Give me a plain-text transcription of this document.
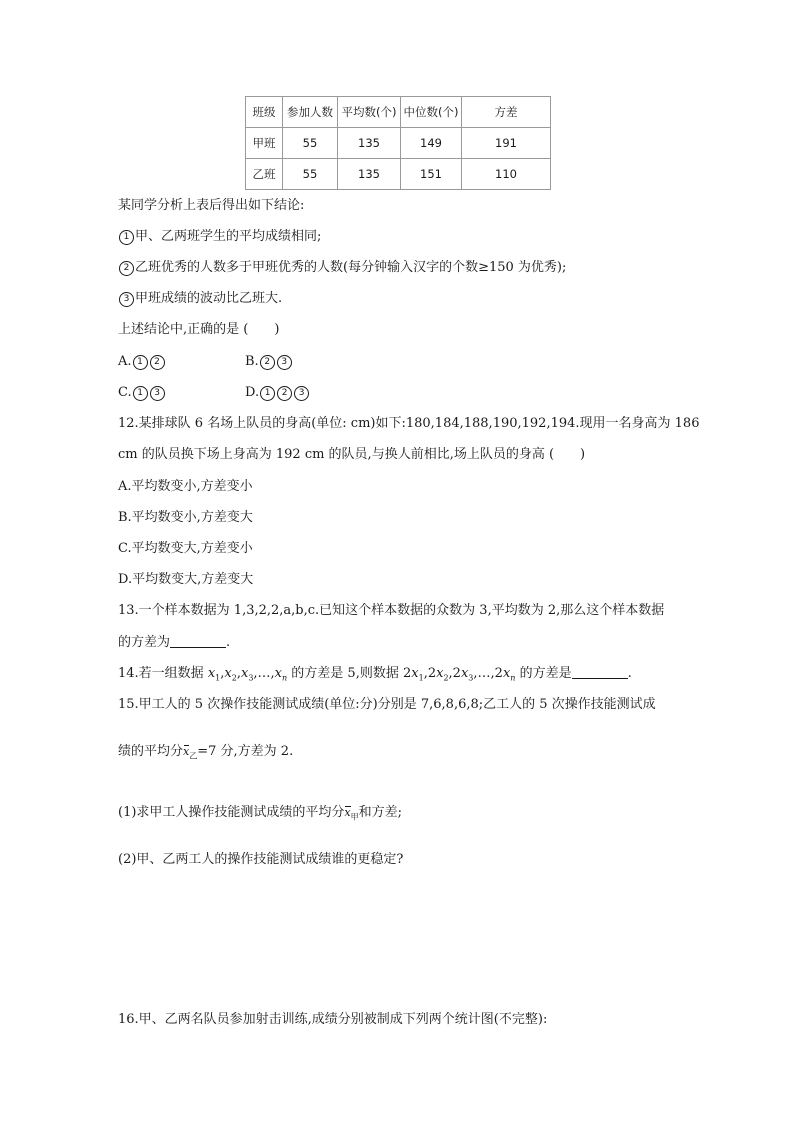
班级	参加人数	平均数(个)	中位数(个)	方差
甲班	55	135	149	191
乙班	55	135	151	110
某同学分析上表后得出如下结论:
1 甲、乙两班学生的平均成绩相同;
2 乙班优秀的人数多于甲班优秀的人数(每分钟输入汉字的个数≥150 为优秀);
3 甲班成绩的波动比乙班大.
上述结论中,正确的是 (　　)
A. 1 2	B. 2 3
C. 1 3	D. 1 2 3
12.某排球队 6 名场上队员的身高(单位: cm)如下:180,184,188,190,192,194.现用一名身高为 186
cm 的队员换下场上身高为 192 cm 的队员,与换人前相比,场上队员的身高 (　　)
A.平均数变小,方差变小
B.平均数变小,方差变大
C.平均数变大,方差变小
D.平均数变大,方差变大
13.一个样本数据为 1,3,2,2,a,b,c.已知这个样本数据的众数为 3,平均数为 2,那么这个样本数据
的方差为	.
14.若一组数据 $x_1,x_2,x_3,\dots,x_n$ 的方差是 5,则数据 $2x_1,2x_2,2x_3,\dots,2x_n$ 的方差是	.
15.甲工人的 5 次操作技能测试成绩(单位:分)分别是 7,6,8,6,8;乙工人的 5 次操作技能测试成
绩的平均分$x_乙=7$ 分,方差为 2.
(1)求甲工人操作技能测试成绩的平均分$x_甲$和方差;
(2)甲、乙两工人的操作技能测试成绩谁的更稳定?
16.甲、乙两名队员参加射击训练,成绩分别被制成下列两个统计图(不完整):
